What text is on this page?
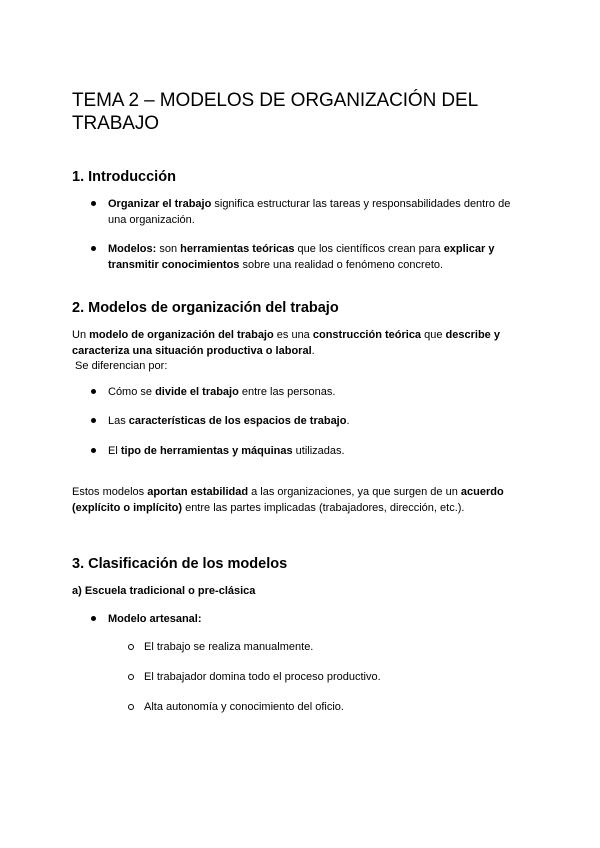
TEMA 2 – MODELOS DE ORGANIZACIÓN DEL TRABAJO
1. Introducción

Organizar el trabajo significa estructurar las tareas y responsabilidades dentro de una organización.

Modelos: son herramientas teóricas que los científicos crean para explicar y transmitir conocimientos sobre una realidad o fenómeno concreto.

2. Modelos de organización del trabajo

Un modelo de organización del trabajo es una construcción teórica que describe y caracteriza una situación productiva o laboral.

Se diferencian por:

Cómo se divide el trabajo entre las personas.

Las características de los espacios de trabajo.

El tipo de herramientas y máquinas utilizadas.

Estos modelos aportan estabilidad a las organizaciones, ya que surgen de un acuerdo (explícito o implícito) entre las partes implicadas (trabajadores, dirección, etc.).

3. Clasificación de los modelos

a) Escuela tradicional o pre-clásica

Modelo artesanal:

El trabajo se realiza manualmente.

El trabajador domina todo el proceso productivo.

Alta autonomía y conocimiento del oficio.
